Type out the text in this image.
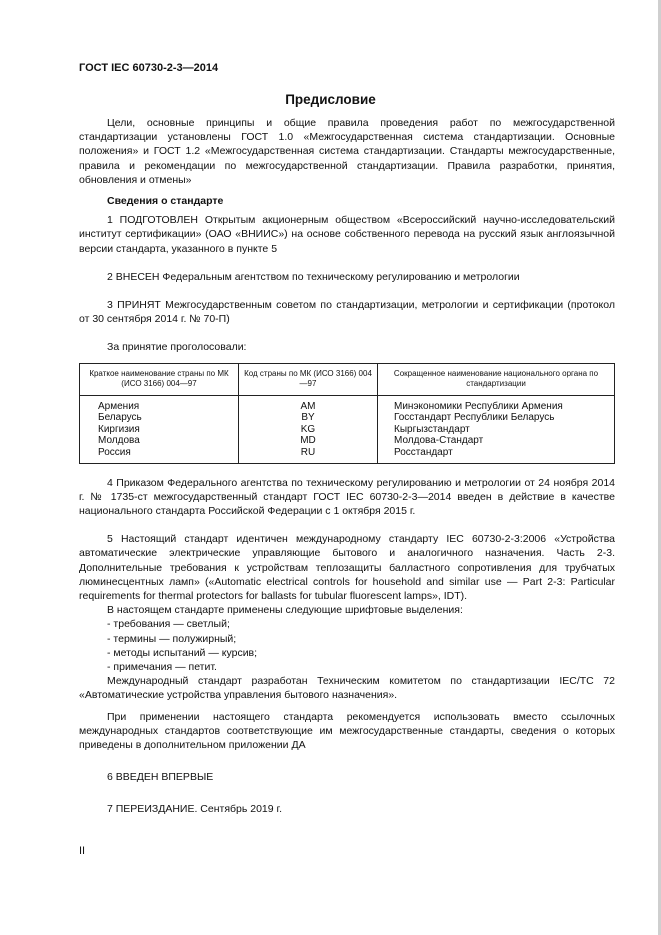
ГОСТ IEC 60730-2-3—2014
Предисловие

Цели, основные принципы и общие правила проведения работ по межгосударственной стандартизации установлены ГОСТ 1.0 «Межгосударственная система стандартизации. Основные положения» и ГОСТ 1.2 «Межгосударственная система стандартизации. Стандарты межгосударственные, правила и рекомендации по межгосударственной стандартизации. Правила разработки, принятия, обновления и отмены»

Сведения о стандарте

1 ПОДГОТОВЛЕН Открытым акционерным обществом «Всероссийский научно-исследовательский институт сертификации» (ОАО «ВНИИС») на основе собственного перевода на русский язык англоязычной версии стандарта, указанного в пункте 5

2 ВНЕСЕН Федеральным агентством по техническому регулированию и метрологии

3 ПРИНЯТ Межгосударственным советом по стандартизации, метрологии и сертификации (протокол от 30 сентября 2014 г. № 70-П)

За принятие проголосовали:

Краткое наименование страны по МК (ИСО 3166) 004—97	Код страны по МК (ИСО 3166) 004—97	Сокращенное наименование национального органа по стандартизации
Армения	AM	Минэкономики Республики Армения
Беларусь	BY	Госстандарт Республики Беларусь
Киргизия	KG	Кыргызстандарт
Молдова	MD	Молдова-Стандарт
Россия	RU	Росстандарт

4 Приказом Федерального агентства по техническому регулированию и метрологии от 24 ноября 2014 г. № 1735-ст межгосударственный стандарт ГОСТ IEC 60730-2-3—2014 введен в действие в качестве национального стандарта Российской Федерации с 1 октября 2015 г.

5 Настоящий стандарт идентичен международному стандарту IEC 60730-2-3:2006 «Устройства автоматические электрические управляющие бытового и аналогичного назначения. Часть 2-3. Дополнительные требования к устройствам теплозащиты балластного сопротивления для трубчатых люминесцентных ламп» («Automatic electrical controls for household and similar use — Part 2-3: Particular requirements for thermal protectors for ballasts for tubular fluorescent lamps», IDT).

В настоящем стандарте применены следующие шрифтовые выделения:

- требования — светлый;
- термины — полужирный;
- методы испытаний — курсив;
- примечания — петит.

Международный стандарт разработан Техническим комитетом по стандартизации IEC/TC 72 «Автоматические устройства управления бытового назначения».

При применении настоящего стандарта рекомендуется использовать вместо ссылочных международных стандартов соответствующие им межгосударственные стандарты, сведения о которых приведены в дополнительном приложении ДА

6 ВВЕДЕН ВПЕРВЫЕ

7 ПЕРЕИЗДАНИЕ. Сентябрь 2019 г.

II
